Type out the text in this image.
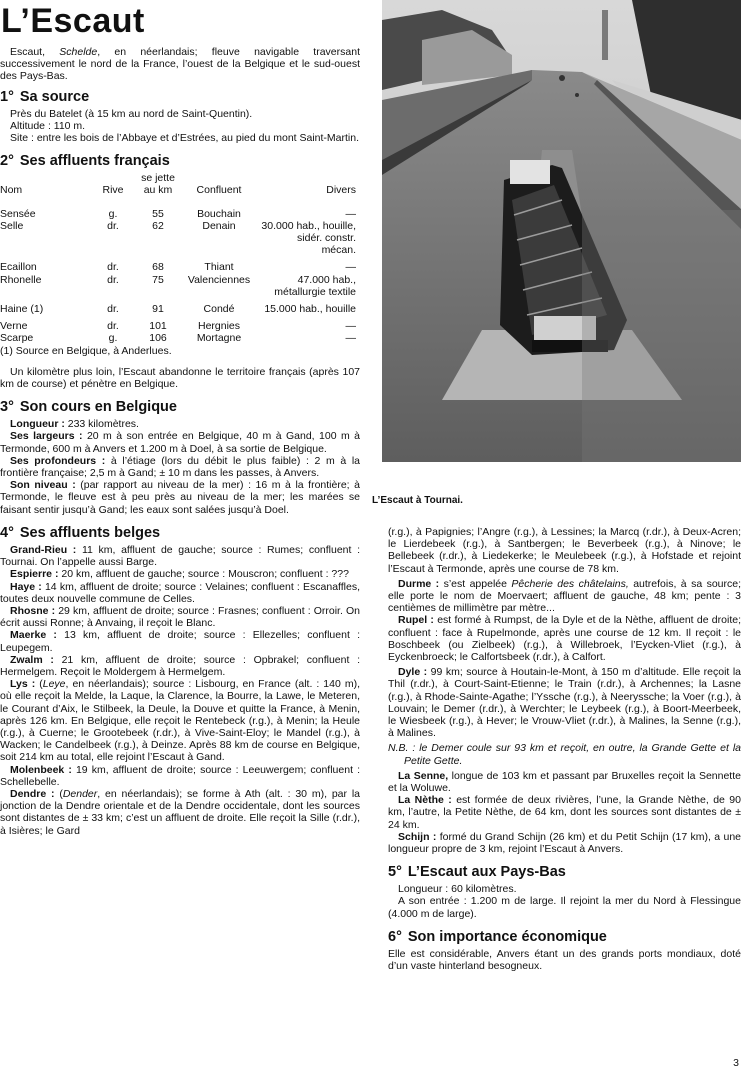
L’Escaut

Escaut, Schelde, en néerlandais; fleuve navigable traversant successivement le nord de la France, l’ouest de la Belgique et le sud-ouest des Pays-Bas.

1° Sa source

Près du Batelet (à 15 km au nord de Saint-Quentin).

Altitude : 110 m.

Site : entre les bois de l’Abbaye et d’Estrées, au pied du mont Saint-Martin.

2° Ses affluents français
Nom	Rive	se jette au km	Confluent	Divers
Sensée	g.	55	Bouchain	—
Selle	dr.	62	Denain	30.000 hab., houille, sidér. constr. mécan.
Ecaillon	dr.	68	Thiant	—
Rhonelle	dr.	75	Valenciennes	47.000 hab., métallurgie textile
Haine (1)	dr.	91	Condé	15.000 hab., houille
Verne	dr.	101	Hergnies	—
Scarpe	g.	106	Mortagne	—

(1) Source en Belgique, à Anderlues.

Un kilomètre plus loin, l’Escaut abandonne le territoire français (après 107 km de course) et pénètre en Belgique.

3° Son cours en Belgique

Longueur : 233 kilomètres.

Ses largeurs : 20 m à son entrée en Belgique, 40 m à Gand, 100 m à Termonde, 600 m à Anvers et 1.200 m à Doel, à sa sortie de Belgique.

Ses profondeurs : à l’étiage (lors du débit le plus faible) : 2 m à la frontière française; 2,5 m à Gand; ± 10 m dans les passes, à Anvers.

Son niveau : (par rapport au niveau de la mer) : 16 m à la frontière; à Termonde, le fleuve est à peu près au niveau de la mer; les marées se faisant sentir jusqu’à Gand; les eaux sont salées jusqu’à Doel.

4° Ses affluents belges

Grand-Rieu : 11 km, affluent de gauche; source : Rumes; confluent : Tournai. On l’appelle aussi Barge.

Espierre : 20 km, affluent de gauche; source : Mouscron; confluent : ???

Haye : 14 km, affluent de droite; source : Velaines; confluent : Escanaffles, toutes deux nouvelle commune de Celles.

Rhosne : 29 km, affluent de droite; source : Frasnes; confluent : Orroir. On écrit aussi Ronne; à Anvaing, il reçoit le Blanc.

Maerke : 13 km, affluent de droite; source : Ellezelles; confluent : Leupegem.

Zwalm : 21 km, affluent de droite; source : Opbrakel; confluent : Hermelgem. Reçoit le Moldergem à Hermelgem.

Lys : (Leye, en néerlandais); source : Lisbourg, en France (alt. : 140 m), où elle reçoit la Melde, la Laque, la Clarence, la Bourre, la Lawe, le Meteren, le Courant d’Aix, le Stilbeek, la Deule, la Douve et quitte la France, à Menin, après 126 km. En Belgique, elle reçoit le Rentebeck (r.g.), à Menin; la Heule (r.g.), à Cuerne; le Grootebeek (r.dr.), à Vive-Saint-Eloy; le Mandel (r.g.), à Wacken; le Candelbeek (r.g.), à Deinze. Après 88 km de course en Belgique, soit 214 km au total, elle rejoint l’Escaut à Gand.

Molenbeek : 19 km, affluent de droite; source : Leeuwergem; confluent : Schellebelle.

Dendre : (Dender, en néerlandais); se forme à Ath (alt. : 30 m), par la jonction de la Dendre orientale et de la Dendre occidentale, dont les sources sont distantes de ± 33 km; c’est un affluent de droite. Elle reçoit la Sille (r.dr.), à Isières; le Gard

L’Escaut à Tournai.

(r.g.), à Papignies; l’Angre (r.g.), à Lessines; la Marcq (r.dr.), à Deux-Acren; le Lierdebeek (r.g.), à Santbergen; le Beverbeek (r.g.), à Ninove; le Bellebeek (r.dr.), à Liedekerke; le Meulebeek (r.g.), à Hofstade et rejoint l’Escaut à Termonde, après une course de 78 km.

Durme : s’est appelée Pêcherie des châtelains, autrefois, à sa source; elle porte le nom de Moervaert; affluent de gauche, 48 km; pente : 3 centièmes de millimètre par mètre...

Rupel : est formé à Rumpst, de la Dyle et de la Nèthe, affluent de droite; confluent : face à Rupelmonde, après une course de 12 km. Il reçoit : le Boschbeek (ou Zielbeek) (r.g.), à Willebroek, l’Eycken-Vliet (r.g.), à Eyckenbroeck; le Calfortsbeek (r.dr.), à Calfort.

Dyle : 99 km; source à Houtain-le-Mont, à 150 m d’altitude. Elle reçoit la Thil (r.dr.), à Court-Saint-Etienne; le Train (r.dr.), à Archennes; la Lasne (r.g.), à Rhode-Sainte-Agathe; l’Yssche (r.g.), à Neeryssche; la Voer (r.g.), à Louvain; le Demer (r.dr.), à Werchter; le Leybeek (r.g.), à Boort-Meerbeek, le Wiesbeek (r.g.), à Hever; le Vrouw-Vliet (r.dr.), à Malines, la Senne (r.g.), à Malines.

N.B. : le Demer coule sur 93 km et reçoit, en outre, la Grande Gette et la Petite Gette.

La Senne, longue de 103 km et passant par Bruxelles reçoit la Sennette et la Woluwe.

La Nèthe : est formée de deux rivières, l’une, la Grande Nèthe, de 90 km, l’autre, la Petite Nèthe, de 64 km, dont les sources sont distantes de ± 24 km.

Schijn : formé du Grand Schijn (26 km) et du Petit Schijn (17 km), a une longueur propre de 3 km, rejoint l’Escaut à Anvers.

5° L’Escaut aux Pays-Bas

Longueur : 60 kilomètres.

A son entrée : 1.200 m de large. Il rejoint la mer du Nord à Flessingue (4.000 m de large).

6° Son importance économique

Elle est considérable, Anvers étant un des grands ports mondiaux, doté d’un vaste hinterland besogneux.

3
